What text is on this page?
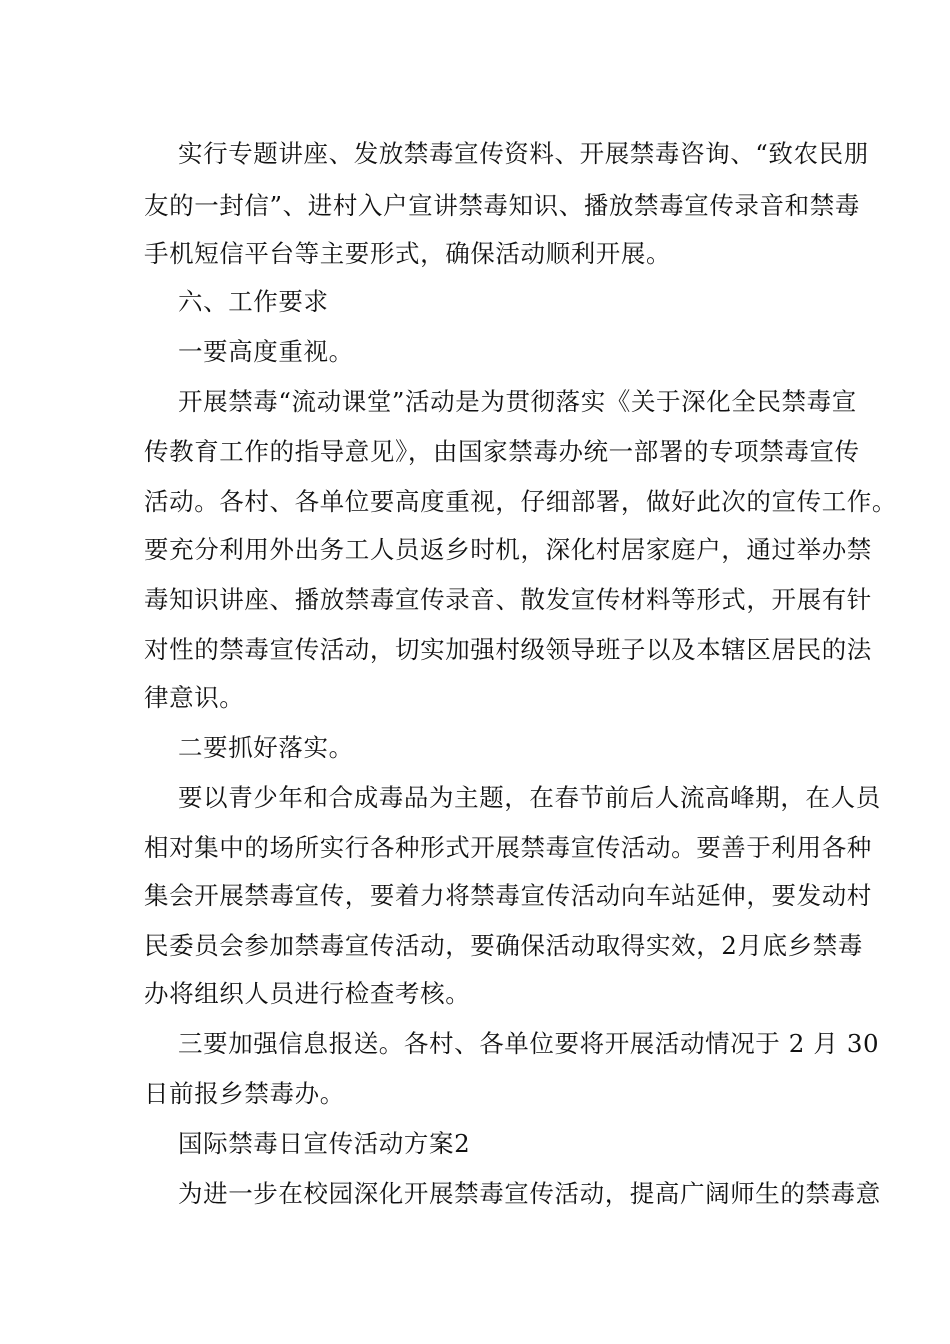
实行专题讲座、发放禁毒宣传资料、开展禁毒咨询、“致农民朋
友的一封信”、进村入户宣讲禁毒知识、播放禁毒宣传录音和禁毒
手机短信平台等主要形式，确保活动顺利开展。
六、工作要求
一要高度重视。
开展禁毒“流动课堂”活动是为贯彻落实《关于深化全民禁毒宣
传教育工作的指导意见》，由国家禁毒办统一部署的专项禁毒宣传
活动。各村、各单位要高度重视，仔细部署，做好此次的宣传工作。
要充分利用外出务工人员返乡时机，深化村居家庭户，通过举办禁
毒知识讲座、播放禁毒宣传录音、散发宣传材料等形式，开展有针
对性的禁毒宣传活动，切实加强村级领导班子以及本辖区居民的法
律意识。
二要抓好落实。
要以青少年和合成毒品为主题，在春节前后人流高峰期，在人员
相对集中的场所实行各种形式开展禁毒宣传活动。要善于利用各种
集会开展禁毒宣传，要着力将禁毒宣传活动向车站延伸，要发动村
民委员会参加禁毒宣传活动，要确保活动取得实效，2月底乡禁毒
办将组织人员进行检查考核。
三要加强信息报送。各村、各单位要将开展活动情况于 2 月 30
日前报乡禁毒办。
国际禁毒日宣传活动方案2
为进一步在校园深化开展禁毒宣传活动，提高广阔师生的禁毒意
